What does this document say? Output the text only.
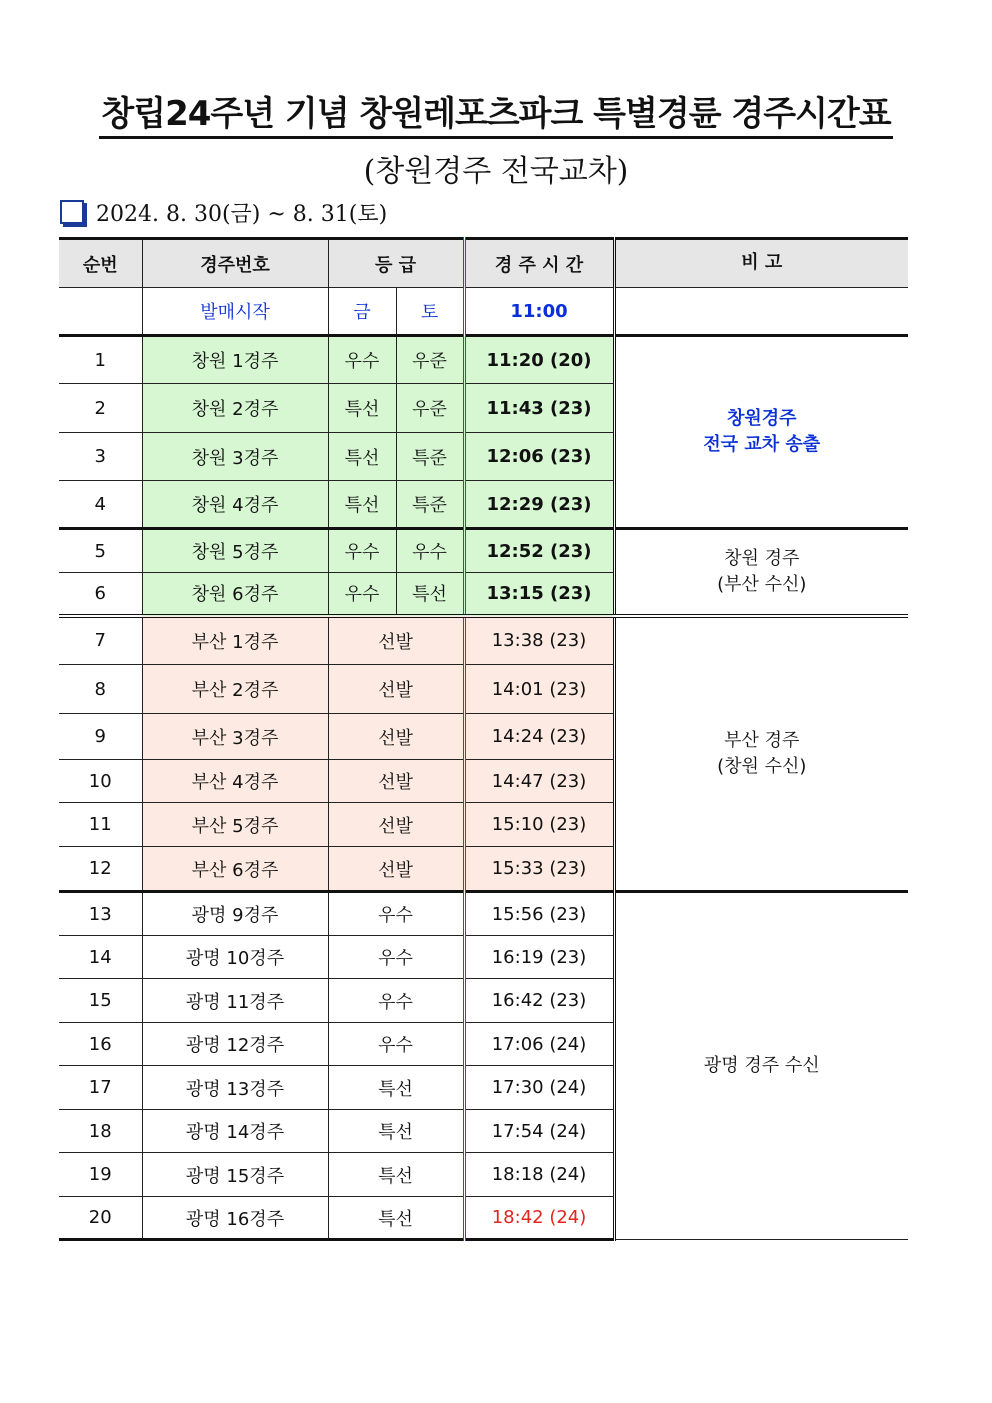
창립24주년 기념 창원레포츠파크 특별경륜 경주시간표
(창원경주 전국교차)
2024. 8. 30(금) ~ 8. 31(토)
순번	경주번호	등 급		경 주 시 간	비 고
	발매시작	금	토	11:00	
1	창원 1경주	우수	우준	11:20 (20)	창원경주
전국 교차 송출
2	창원 2경주	특선	우준	11:43 (23)	
3	창원 3경주	특선	특준	12:06 (23)	
4	창원 4경주	특선	특준	12:29 (23)	
5	창원 5경주	우수	우수	12:52 (23)	창원 경주
(부산 수신)
6	창원 6경주	우수	특선	13:15 (23)	
7	부산 1경주	선발		13:38 (23)	부산 경주
(창원 수신)
8	부산 2경주	선발		14:01 (23)	
9	부산 3경주	선발		14:24 (23)	
10	부산 4경주	선발		14:47 (23)	
11	부산 5경주	선발		15:10 (23)	
12	부산 6경주	선발		15:33 (23)	
13	광명 9경주	우수		15:56 (23)	광명 경주 수신
14	광명 10경주	우수		16:19 (23)	
15	광명 11경주	우수		16:42 (23)	
16	광명 12경주	우수		17:06 (24)	
17	광명 13경주	특선		17:30 (24)	
18	광명 14경주	특선		17:54 (24)	
19	광명 15경주	특선		18:18 (24)	
20	광명 16경주	특선		18:42 (24)	
